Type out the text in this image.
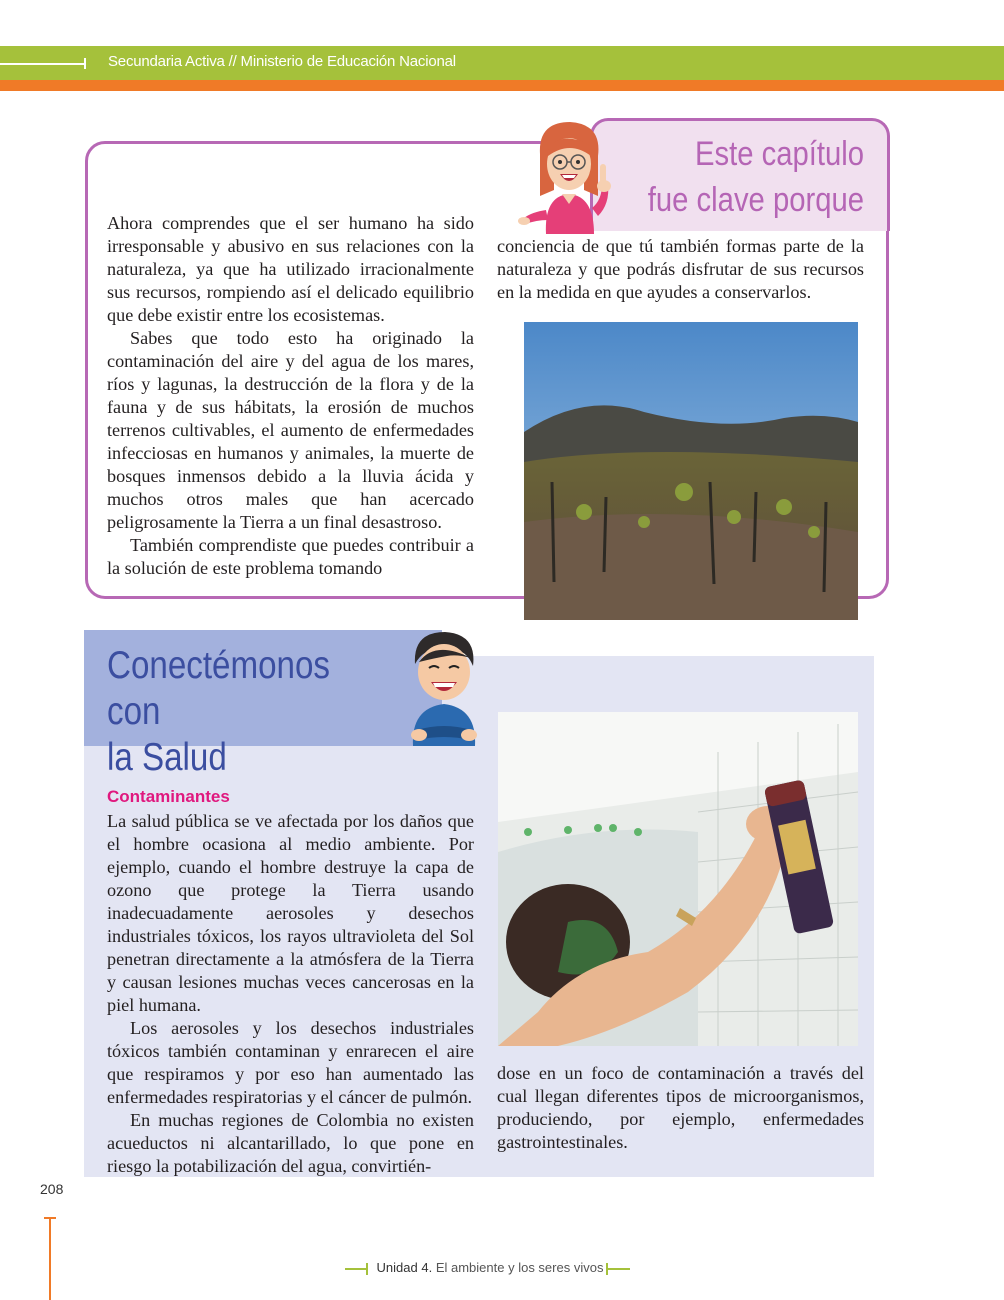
Secundaria Activa // Ministerio de Educación Nacional
Este capítulo
fue clave porque

Ahora comprendes que el ser humano ha sido irresponsable y abusivo en sus relaciones con la naturaleza, ya que ha utilizado irracionalmente sus recursos, rompiendo así el delicado equilibrio que debe existir entre los ecosistemas.

Sabes que todo esto ha originado la contaminación del aire y del agua de los mares, ríos y lagunas, la destrucción de la flora y de la fauna y de sus hábitats, la erosión de muchos terrenos cultivables, el aumento de enfermedades infecciosas en humanos y animales, la muerte de bosques inmensos debido a la lluvia ácida y muchos otros males que han acercado peligrosamente la Tierra a un final desastroso.

También comprendiste que puedes contribuir a la solución de este problema tomando

conciencia de que tú también formas parte de la naturaleza y que podrás disfrutar de sus recursos en la medida en que ayudes a conservarlos.

Conectémonos con
la Salud
Contaminantes

La salud pública se ve afectada por los daños que el hombre ocasiona al medio ambiente. Por ejemplo, cuando el hombre destruye la capa de ozono que protege la Tierra usando inadecuadamente aerosoles y desechos industriales tóxicos, los rayos ultravioleta del Sol penetran directamente a la atmósfera de la Tierra y causan lesiones muchas veces cancerosas en la piel humana.

Los aerosoles y los desechos industriales tóxicos también contaminan y enrarecen el aire que respiramos y por eso han aumentado las enfermedades respiratorias y el cáncer de pulmón.

En muchas regiones de Colombia no existen acueductos ni alcantarillado, lo que pone en riesgo la potabilización del agua, convirtién-

dose en un foco de contaminación a través del cual llegan diferentes tipos de microorganismos, produciendo, por ejemplo, enfermedades gastrointestinales.

208
Unidad 4. El ambiente y los seres vivos
